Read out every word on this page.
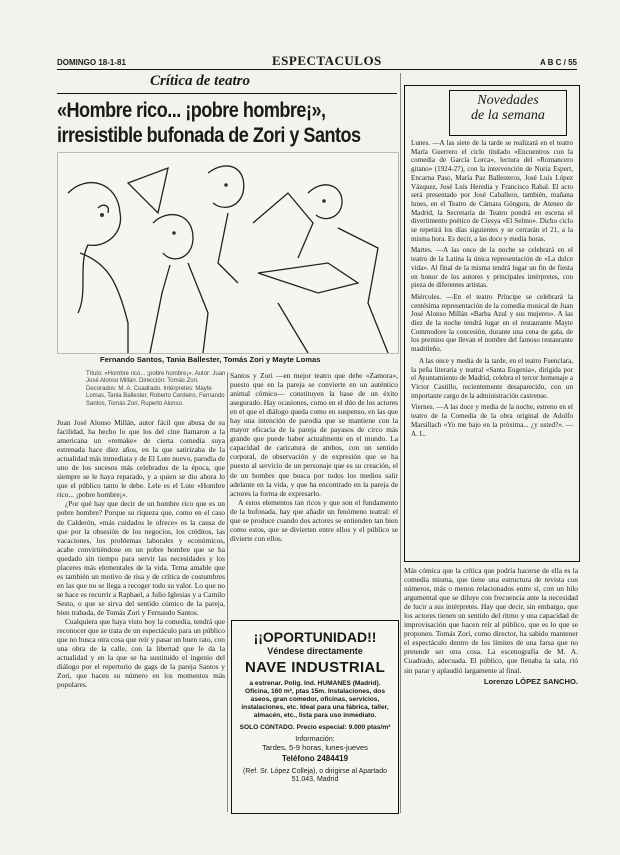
DOMINGO 18-1-81	ESPECTACULOS	A B C / 55
Crítica de teatro
«Hombre rico... ¡pobre hombre¡», irresistible bufonada de Zori y Santos
Fernando Santos, Tania Ballester, Tomás Zori y Mayte Lomas
Título: «Hombre rico... ¡pobre hombre¡». Autor: Juan José Alonso Millán. Dirección: Tomás Zori. Decorados: M. A. Cuadrado. Intérpretes: Mayte Lomas, Tania Ballester, Roberto Cerdeiro, Fernando Santos, Tomás Zori, Ruperto Alonso.

Juan José Alonso Millán, autor fácil que abusa de su facilidad, ha hecho lo que los del cine llamaron a la americana un «remake» de cierta comedia suya estrenada hace diez años, en la que satirizaba de la actualidad más inmediata y de El Lute nuevo, parodia de uno de los sucesos más celebrados de la época, que siempre se le haya reparado, y a quien se dio ahora lo que el público tanto le debe. Lele es el Lute «Hombre rico... ¡pobre hombre¡».

¿Por qué hay que decir de un hombre rico que es un pobre hombre? Porque su riqueza que, como en el caso de Calderón, «más cuidados le ofrece» es la causa de que por la obsesión de los negocios, los créditos, las vacaciones, los problemas laborales y económicos, acabe convirtiéndose en un pobre hombre que se ha quedado sin tiempo para servir las necesidades y los placeres más elementales de la vida. Tema amable que es también un motivo de risa y de crítica de costumbres en las que no se llega a recoger todo su valor. Lo que no se hace es recurrir a Raphael, a Julio Iglesias y a Camilo Sesto, o que se sirva del sentido cómico de la pareja, bien trabada, de Tomás Zori y Fernando Santos.

Cualquiera que haya visto hoy la comedia, tendrá que reconocer que se trata de un espectáculo para un público que no busca otra cosa que reír y pasar un buen rato, con una obra de la calle, con la libertad que le da la actualidad y en la que se ha sustituido el ingenio del diálogo por el repertorio de gags de la pareja Santos y Zori, que hacen su número en los momentos más populares.

Santos y Zori —en mejor teatro que debe «Zamora», puesto que en la pareja se convierte en un auténtico animal cómico— constituyen la base de un éxito asegurado. Hay ocasiones, como en el dúo de los actores en el que el diálogo queda como en suspenso, en las que hay una intención de parodia que se mantiene con la mayor eficacia de la pareja de payasos de circo más grande que puede haber actualmente en el mundo. La capacidad de caricatura de ambos, con un sentido corporal, de observación y de expresión que se ha puesto al servicio de un personaje que es su creación, el de un hombre que busca por todos los medios salir adelante en la vida, y que ha encontrado en la pareja de actores la forma de expresarlo.

A estos elementos tan ricos y que son el fundamento de la bufonada, hay que añadir un fenómeno teatral: el que se produce cuando dos actores se entienden tan bien como estos, que se divierten entre ellos y el público se divierte con ellos.

¡¡OPORTUNIDAD!!
Véndese directamente
NAVE INDUSTRIAL
a estrenar. Polig. Ind. HUMANES (Madrid). Oficina, 160 m², ptas 15m. Instalaciones, dos aseos, gran comedor, oficinas, servicios, instalaciones, etc. Ideal para una fábrica, taller, almacén, etc., lista para uso inmediato.
SOLO CONTADO. Precio especial: 9.000 ptas/m²
Información:
Tardes, 5-9 horas, lunes-jueves
Teléfono 2484419
(Ref. Sr. López Colleja), o dirigirse al Apartado 51.043, Madrid
Novedades
de la semana

Lunes. —A las siete de la tarde se realizará en el teatro María Guerrero el ciclo titulado «Encuentros con la comedia de García Lorca», lectura del «Romancero gitano» (1924-27), con la intervención de Nuria Espert, Encarna Paso, María Paz Ballesteros, José Luis López Vázquez, José Luis Heredia y Francisco Rabal. El acto será presentado por José Caballero, también, mañana lunes, en el Teatro de Cámara Góngora, de Ateneo de Madrid, la Secretaría de Teatro pondrá en escena el divertimento poético de Ciesya «El Selmo». Dicho ciclo se repetirá los días siguientes y se cerrarán el 21, a la misma hora. Es decir, a las doce y media horas.

Martes. —A las once de la noche se celebrará en el teatro de la Latina la única representación de «La dulce vida». Al final de la misma tendrá lugar un fin de fiesta en honor de los autores y principales intérpretes, con pieza de diferentes artistas.

Miércoles. —En el teatro Príncipe se celebrará la centésima representación de la comedia musical de Juan José Alonso Millán «Barba Azul y sus mujeres». A las diez de la noche tendrá lugar en el restaurante Mayte Commodore la concesión, durante una cena de gala, de los premios que llevan el nombre del famoso restaurante madrileño.

A las once y media de la tarde, en el teatro Fuenclara, la peña literaria y teatral «Santa Eugenia», dirigida por el Ayuntamiento de Madrid, celebra el tercer homenaje a Víctor Castillo, recientemente desaparecido, con un importante cargo de la administración castrense.

Viernes. —A las doce y media de la noche, estreno en el teatro de la Comedia de la obra original de Adolfo Marsillach «Yo me bajo en la próxima... ¿y usted?». —A. L.

Más cómica que la crítica que podría hacerse de ella es la comedia misma, que tiene una estructura de revista con números, más o menos relacionados entre sí, con un hilo argumental que se diluye con frecuencia ante la necesidad de lucir a sus intérpretes. Hay que decir, sin embargo, que los actores tienen un sentido del ritmo y una capacidad de improvisación que hacen reír al público, que es lo que se proponen. Tomás Zori, como director, ha sabido mantener el espectáculo dentro de los límites de una farsa que no pretende ser otra cosa. La escenografía de M. A. Cuadrado, adecuada. El público, que llenaba la sala, rió sin parar y aplaudió largamente al final.

Lorenzo LÓPEZ SANCHO.
